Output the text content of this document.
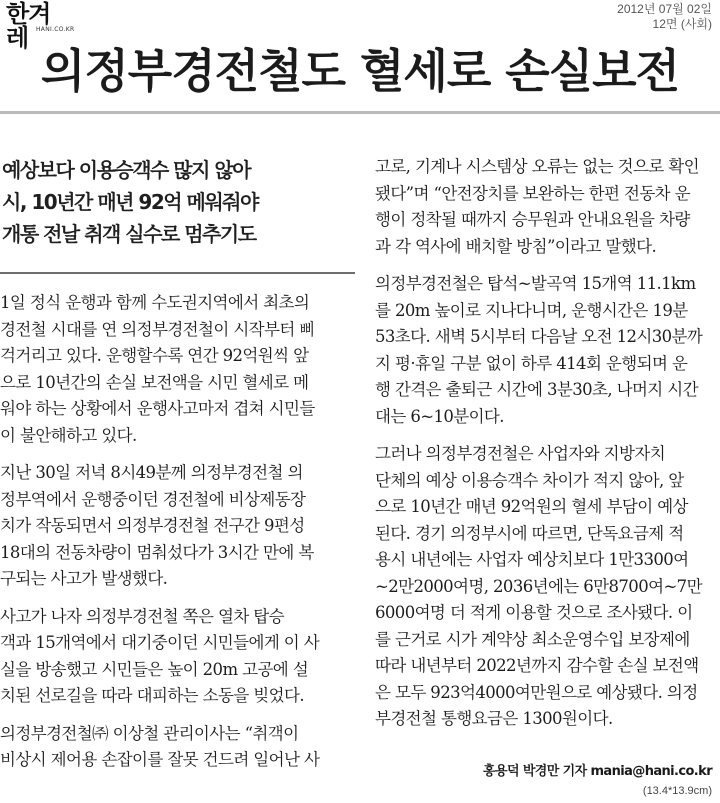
한겨레	HANI.CO.KR
2012년 07월 02일
12면 (사회)
의정부경전철도 혈세로 손실보전
예상보다 이용승객수 많지 않아
시, 10년간 매년 92억 메워줘야
개통 전날 취객 실수로 멈추기도
1일 정식 운행과 함께 수도권지역에서 최초의
경전철 시대를 연 의정부경전철이 시작부터 삐
걱거리고 있다. 운행할수록 연간 92억원씩 앞
으로 10년간의 손실 보전액을 시민 혈세로 메
워야 하는 상황에서 운행사고마저 겹쳐 시민들
이 불안해하고 있다.
지난 30일 저녁 8시49분께 의정부경전철 의
정부역에서 운행중이던 경전철에 비상제동장
치가 작동되면서 의정부경전철 전구간 9편성
18대의 전동차량이 멈춰섰다가 3시간 만에 복
구되는 사고가 발생했다.
사고가 나자 의정부경전철 쪽은 열차 탑승
객과 15개역에서 대기중이던 시민들에게 이 사
실을 방송했고 시민들은 높이 20m 고공에 설
치된 선로길을 따라 대피하는 소동을 빚었다.
의정부경전철㈜ 이상철 관리이사는 “취객이
비상시 제어용 손잡이를 잘못 건드려 일어난 사
고로, 기계나 시스템상 오류는 없는 것으로 확인
됐다”며 “안전장치를 보완하는 한편 전동차 운
행이 정착될 때까지 승무원과 안내요원을 차량
과 각 역사에 배치할 방침”이라고 말했다.
의정부경전철은 탑석~발곡역 15개역 11.1km
를 20m 높이로 지나다니며, 운행시간은 19분
53초다. 새벽 5시부터 다음날 오전 12시30분까
지 평·휴일 구분 없이 하루 414회 운행되며 운
행 간격은 출퇴근 시간에 3분30초, 나머지 시간
대는 6~10분이다.
그러나 의정부경전철은 사업자와 지방자치
단체의 예상 이용승객수 차이가 적지 않아, 앞
으로 10년간 매년 92억원의 혈세 부담이 예상
된다. 경기 의정부시에 따르면, 단독요금제 적
용시 내년에는 사업자 예상치보다 1만3300여
~2만2000여명, 2036년에는 6만8700여~7만
6000여명 더 적게 이용할 것으로 조사됐다. 이
를 근거로 시가 계약상 최소운영수입 보장제에
따라 내년부터 2022년까지 감수할 손실 보전액
은 모두 923억4000여만원으로 예상됐다. 의정
부경전철 통행요금은 1300원이다.
홍용덕 박경만 기자 mania@hani.co.kr
(13.4*13.9cm)
